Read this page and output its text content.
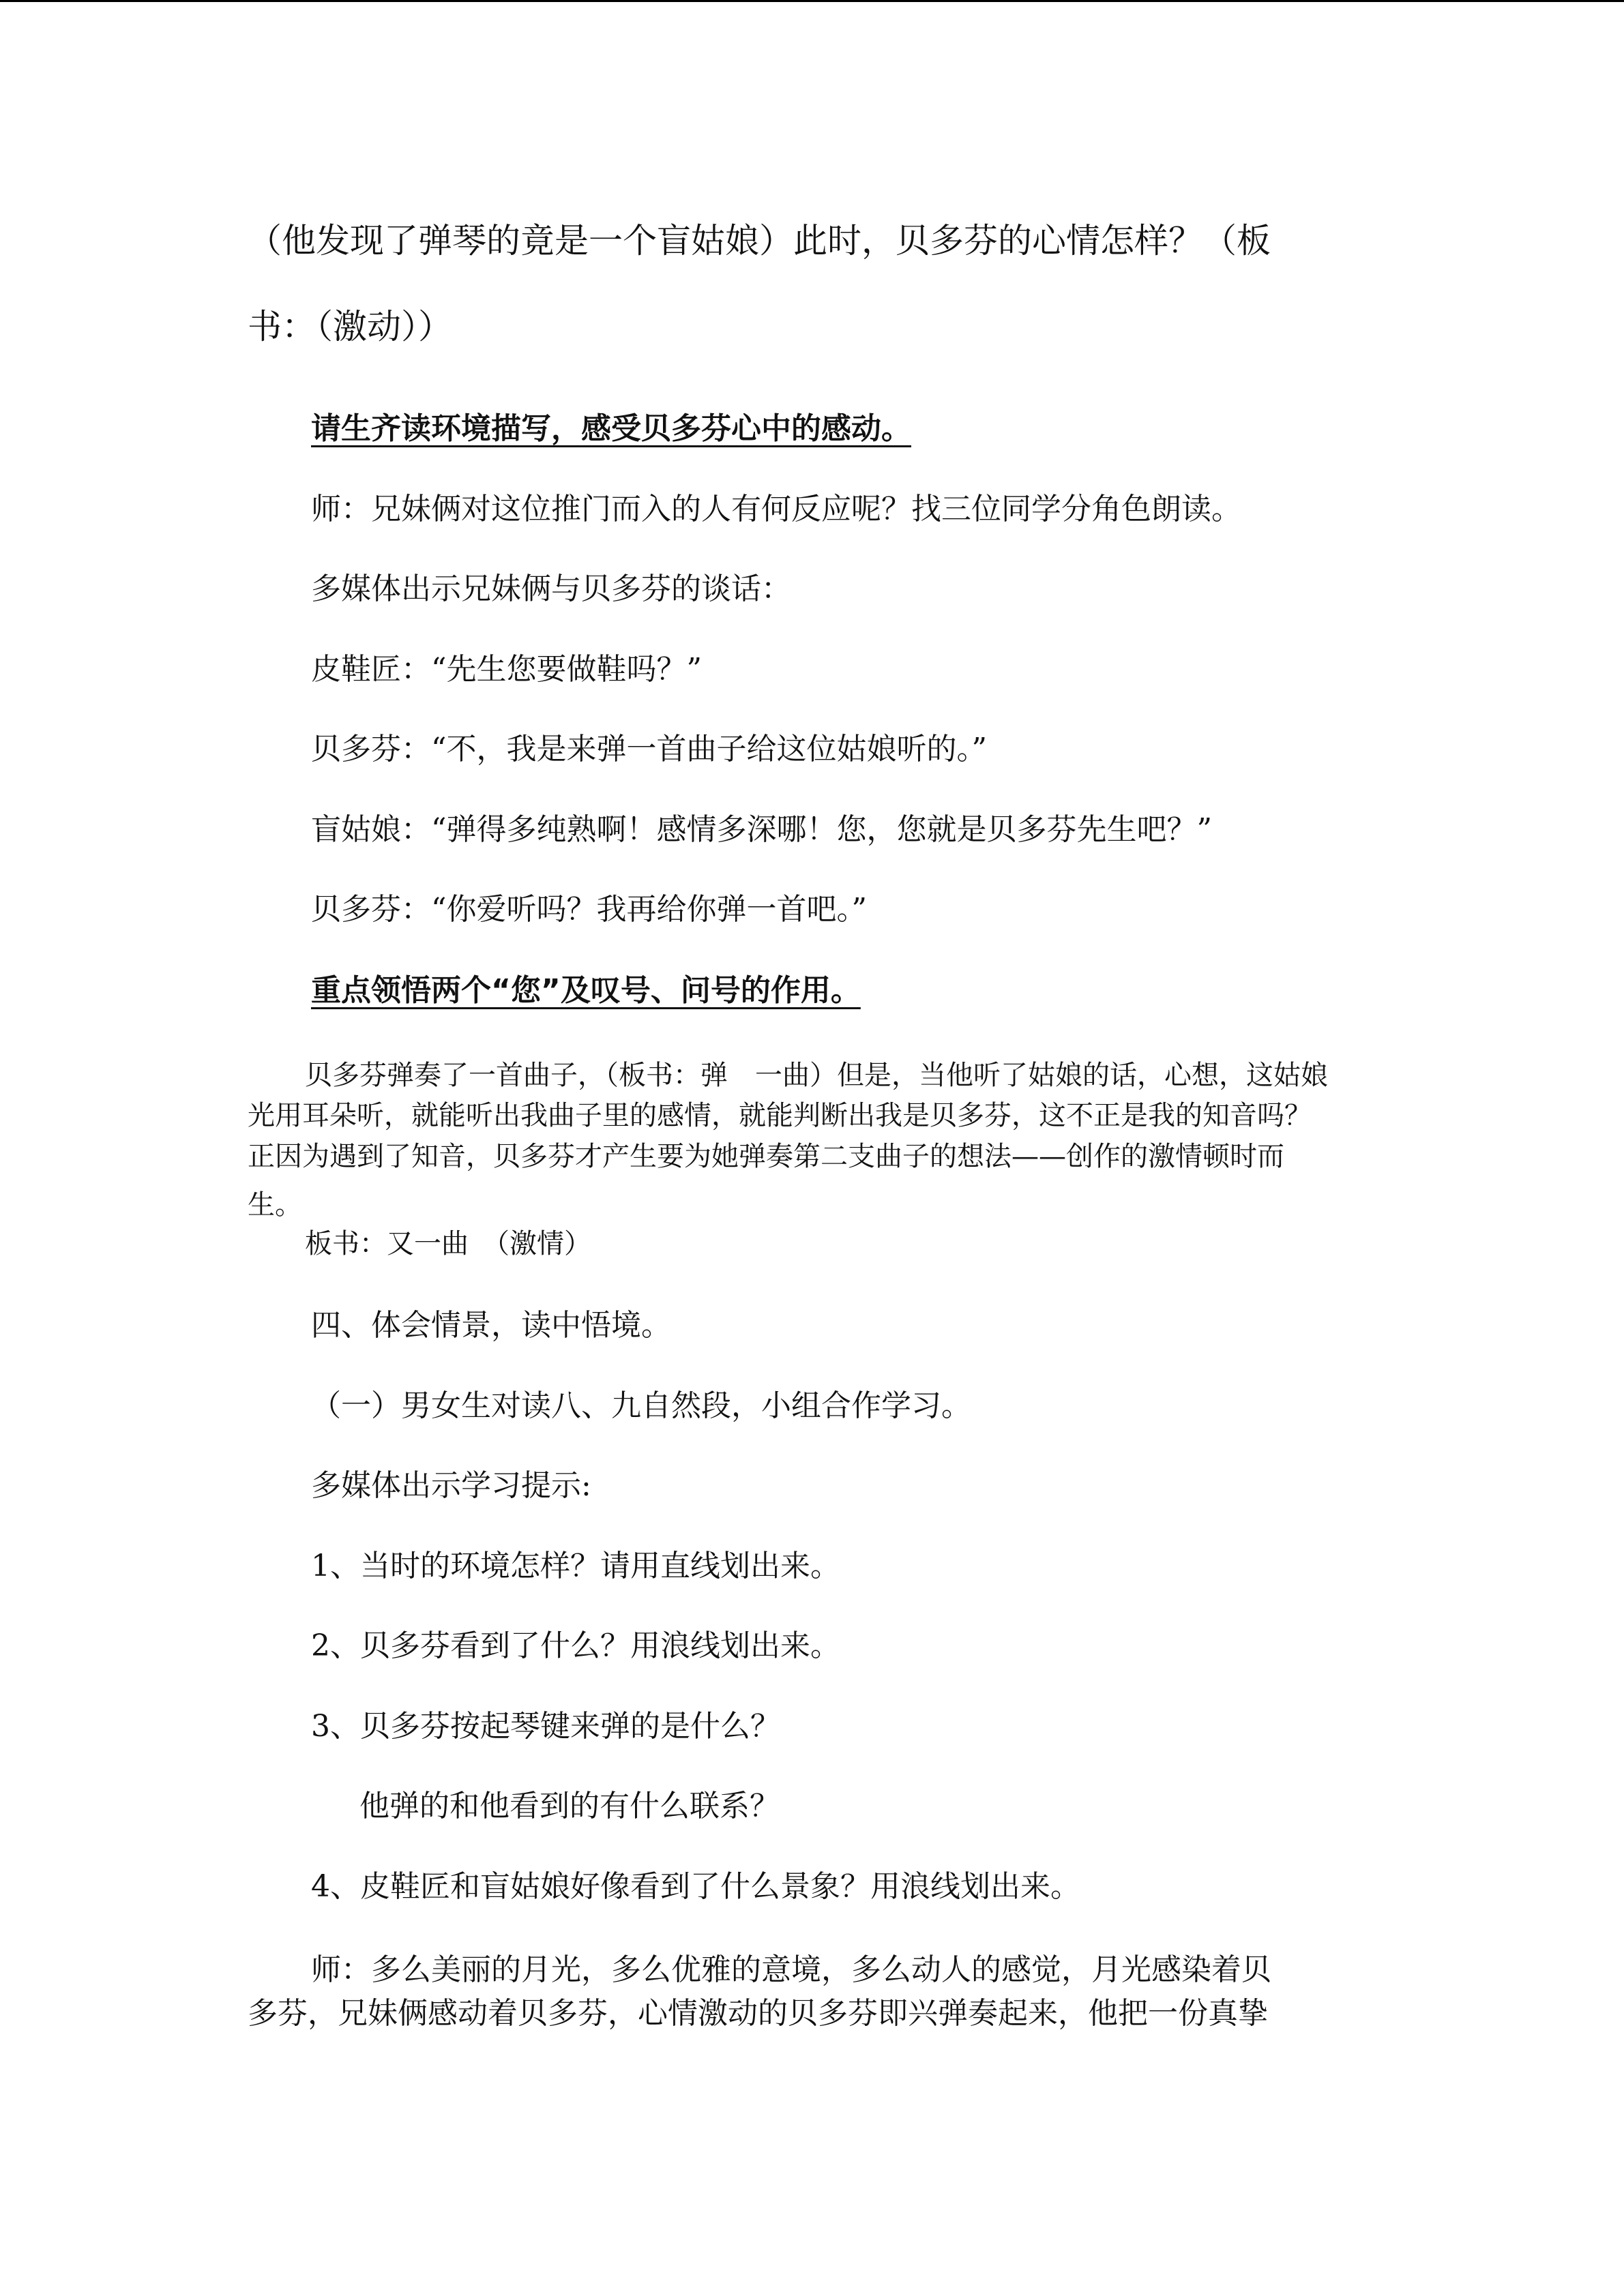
（他发现了弹琴的竟是一个盲姑娘）此时，贝多芬的心情怎样？（板
书：（激动））
请生齐读环境描写，感受贝多芬心中的感动。
师：兄妹俩对这位推门而入的人有何反应呢？找三位同学分角色朗读。
多媒体出示兄妹俩与贝多芬的谈话：
皮鞋匠：“先生您要做鞋吗？”
贝多芬：“不，我是来弹一首曲子给这位姑娘听的。”
盲姑娘：“弹得多纯熟啊！感情多深哪！您，您就是贝多芬先生吧？”
贝多芬：“你爱听吗？我再给你弹一首吧。”
重点领悟两个“您”及叹号、问号的作用。
贝多芬弹奏了一首曲子，（板书：弹　一曲）但是，当他听了姑娘的话，心想，这姑娘
光用耳朵听，就能听出我曲子里的感情，就能判断出我是贝多芬，这不正是我的知音吗？
正因为遇到了知音，贝多芬才产生要为她弹奏第二支曲子的想法——创作的激情顿时而
生。
板书：又一曲　（激情）
四、体会情景，读中悟境。
（一）男女生对读八、九自然段，小组合作学习。
多媒体出示学习提示:
1、当时的环境怎样？请用直线划出来。
2、贝多芬看到了什么？用浪线划出来。
3、贝多芬按起琴键来弹的是什么？
他弹的和他看到的有什么联系？
4、皮鞋匠和盲姑娘好像看到了什么景象？用浪线划出来。
师：多么美丽的月光，多么优雅的意境，多么动人的感觉，月光感染着贝
多芬，兄妹俩感动着贝多芬，心情激动的贝多芬即兴弹奏起来，他把一份真挚
